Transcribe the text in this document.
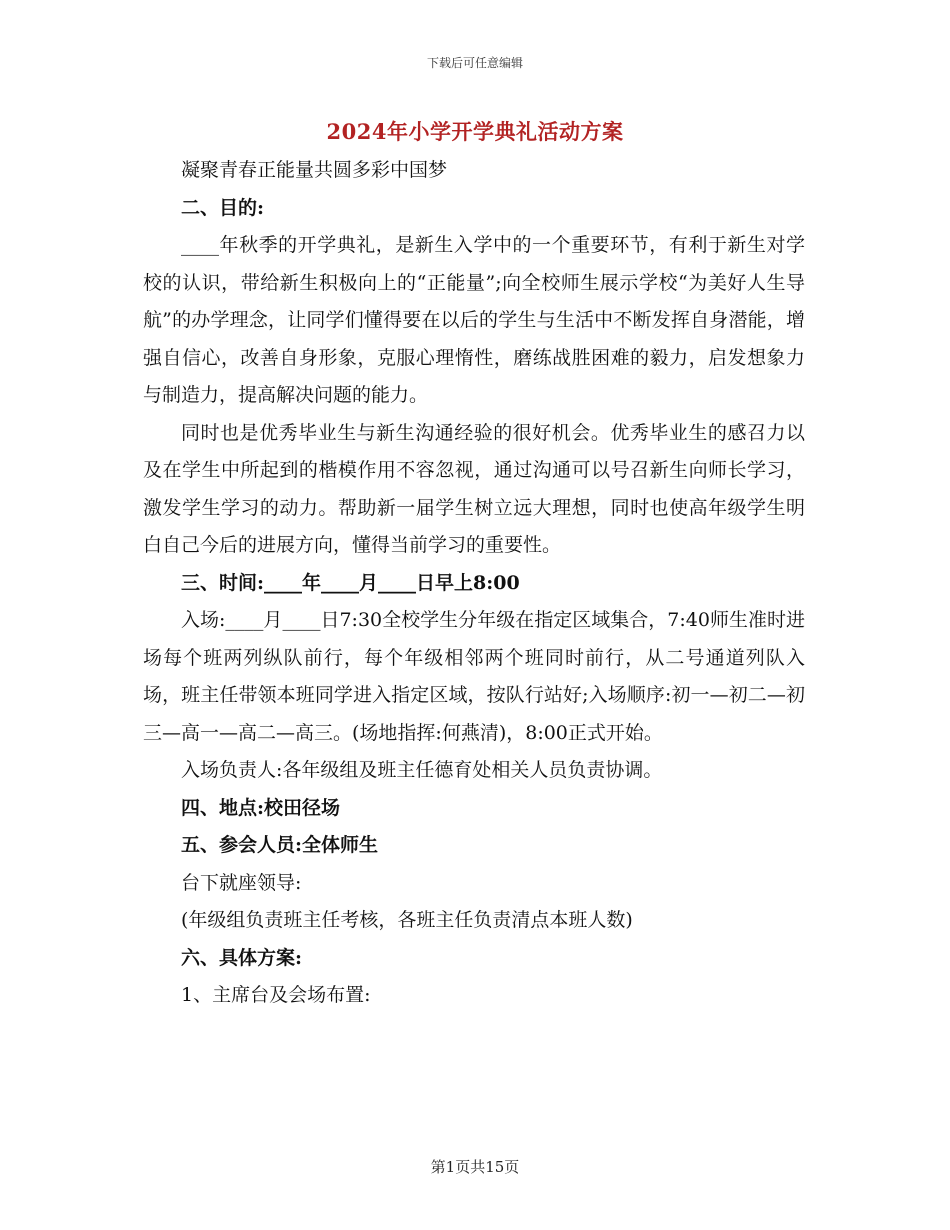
下载后可任意编辑
2024年小学开学典礼活动方案

凝聚青春正能量共圆多彩中国梦

二、目的:

____年秋季的开学典礼，是新生入学中的一个重要环节，有利于新生对学校的认识，带给新生积极向上的“正能量”;向全校师生展示学校“为美好人生导航”的办学理念，让同学们懂得要在以后的学生与生活中不断发挥自身潜能，增强自信心，改善自身形象，克服心理惰性，磨练战胜困难的毅力，启发想象力与制造力，提高解决问题的能力。

同时也是优秀毕业生与新生沟通经验的很好机会。优秀毕业生的感召力以及在学生中所起到的楷模作用不容忽视，通过沟通可以号召新生向师长学习，激发学生学习的动力。帮助新一届学生树立远大理想，同时也使高年级学生明白自己今后的进展方向，懂得当前学习的重要性。

三、时间:____年____月____日早上8:00

入场:____月____日7:30全校学生分年级在指定区域集合，7:40师生准时进场每个班两列纵队前行，每个年级相邻两个班同时前行，从二号通道列队入场，班主任带领本班同学进入指定区域，按队行站好;入场顺序:初一—初二—初三—高一—高二—高三。(场地指挥:何燕清)，8:00正式开始。

入场负责人:各年级组及班主任德育处相关人员负责协调。

四、地点:校田径场

五、参会人员:全体师生

台下就座领导:

(年级组负责班主任考核，各班主任负责清点本班人数)

六、具体方案:

1、主席台及会场布置:

第1页共15页
